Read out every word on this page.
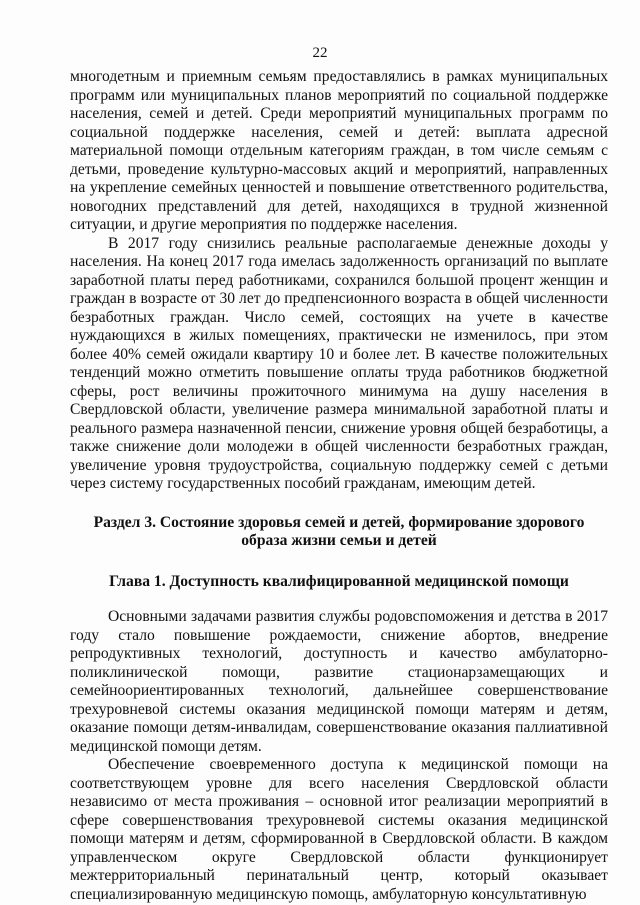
22

многодетным и приемным семьям предоставлялись в рамках муниципальных программ или муниципальных планов мероприятий по социальной поддержке населения, семей и детей. Среди мероприятий муниципальных программ по социальной поддержке населения, семей и детей: выплата адресной материальной помощи отдельным категориям граждан, в том числе семьям с детьми, проведение культурно-массовых акций и мероприятий, направленных на укрепление семейных ценностей и повышение ответственного родительства, новогодних представлений для детей, находящихся в трудной жизненной ситуации, и другие мероприятия по поддержке населения.

В 2017 году снизились реальные располагаемые денежные доходы у населения. На конец 2017 года имелась задолженность организаций по выплате заработной платы перед работниками, сохранился большой процент женщин и граждан в возрасте от 30 лет до предпенсионного возраста в общей численности безработных граждан. Число семей, состоящих на учете в качестве нуждающихся в жилых помещениях, практически не изменилось, при этом более 40% семей ожидали квартиру 10 и более лет. В качестве положительных тенденций можно отметить повышение оплаты труда работников бюджетной сферы, рост величины прожиточного минимума на душу населения в Свердловской области, увеличение размера минимальной заработной платы и реального размера назначенной пенсии, снижение уровня общей безработицы, а также снижение доли молодежи в общей численности безработных граждан, увеличение уровня трудоустройства, социальную поддержку семей с детьми через систему государственных пособий гражданам, имеющим детей.

Раздел 3. Состояние здоровья семей и детей, формирование здорового
образа жизни семьи и детей
Глава 1. Доступность квалифицированной медицинской помощи

Основными задачами развития службы родовспоможения и детства в 2017 году стало повышение рождаемости, снижение абортов, внедрение репродуктивных технологий, доступность и качество амбулаторно-поликлинической помощи, развитие стационарзамещающих и семейноориентированных технологий, дальнейшее совершенствование трехуровневой системы оказания медицинской помощи матерям и детям, оказание помощи детям-инвалидам, совершенствование оказания паллиативной медицинской помощи детям.

Обеспечение своевременного доступа к медицинской помощи на соответствующем уровне для всего населения Свердловской области независимо от места проживания – основной итог реализации мероприятий в сфере совершенствования трехуровневой системы оказания медицинской помощи матерям и детям, сформированной в Свердловской области. В каждом управленческом округе Свердловской области функционирует межтерриториальный перинатальный центр, который оказывает специализированную медицинскую помощь, амбулаторную консультативную
